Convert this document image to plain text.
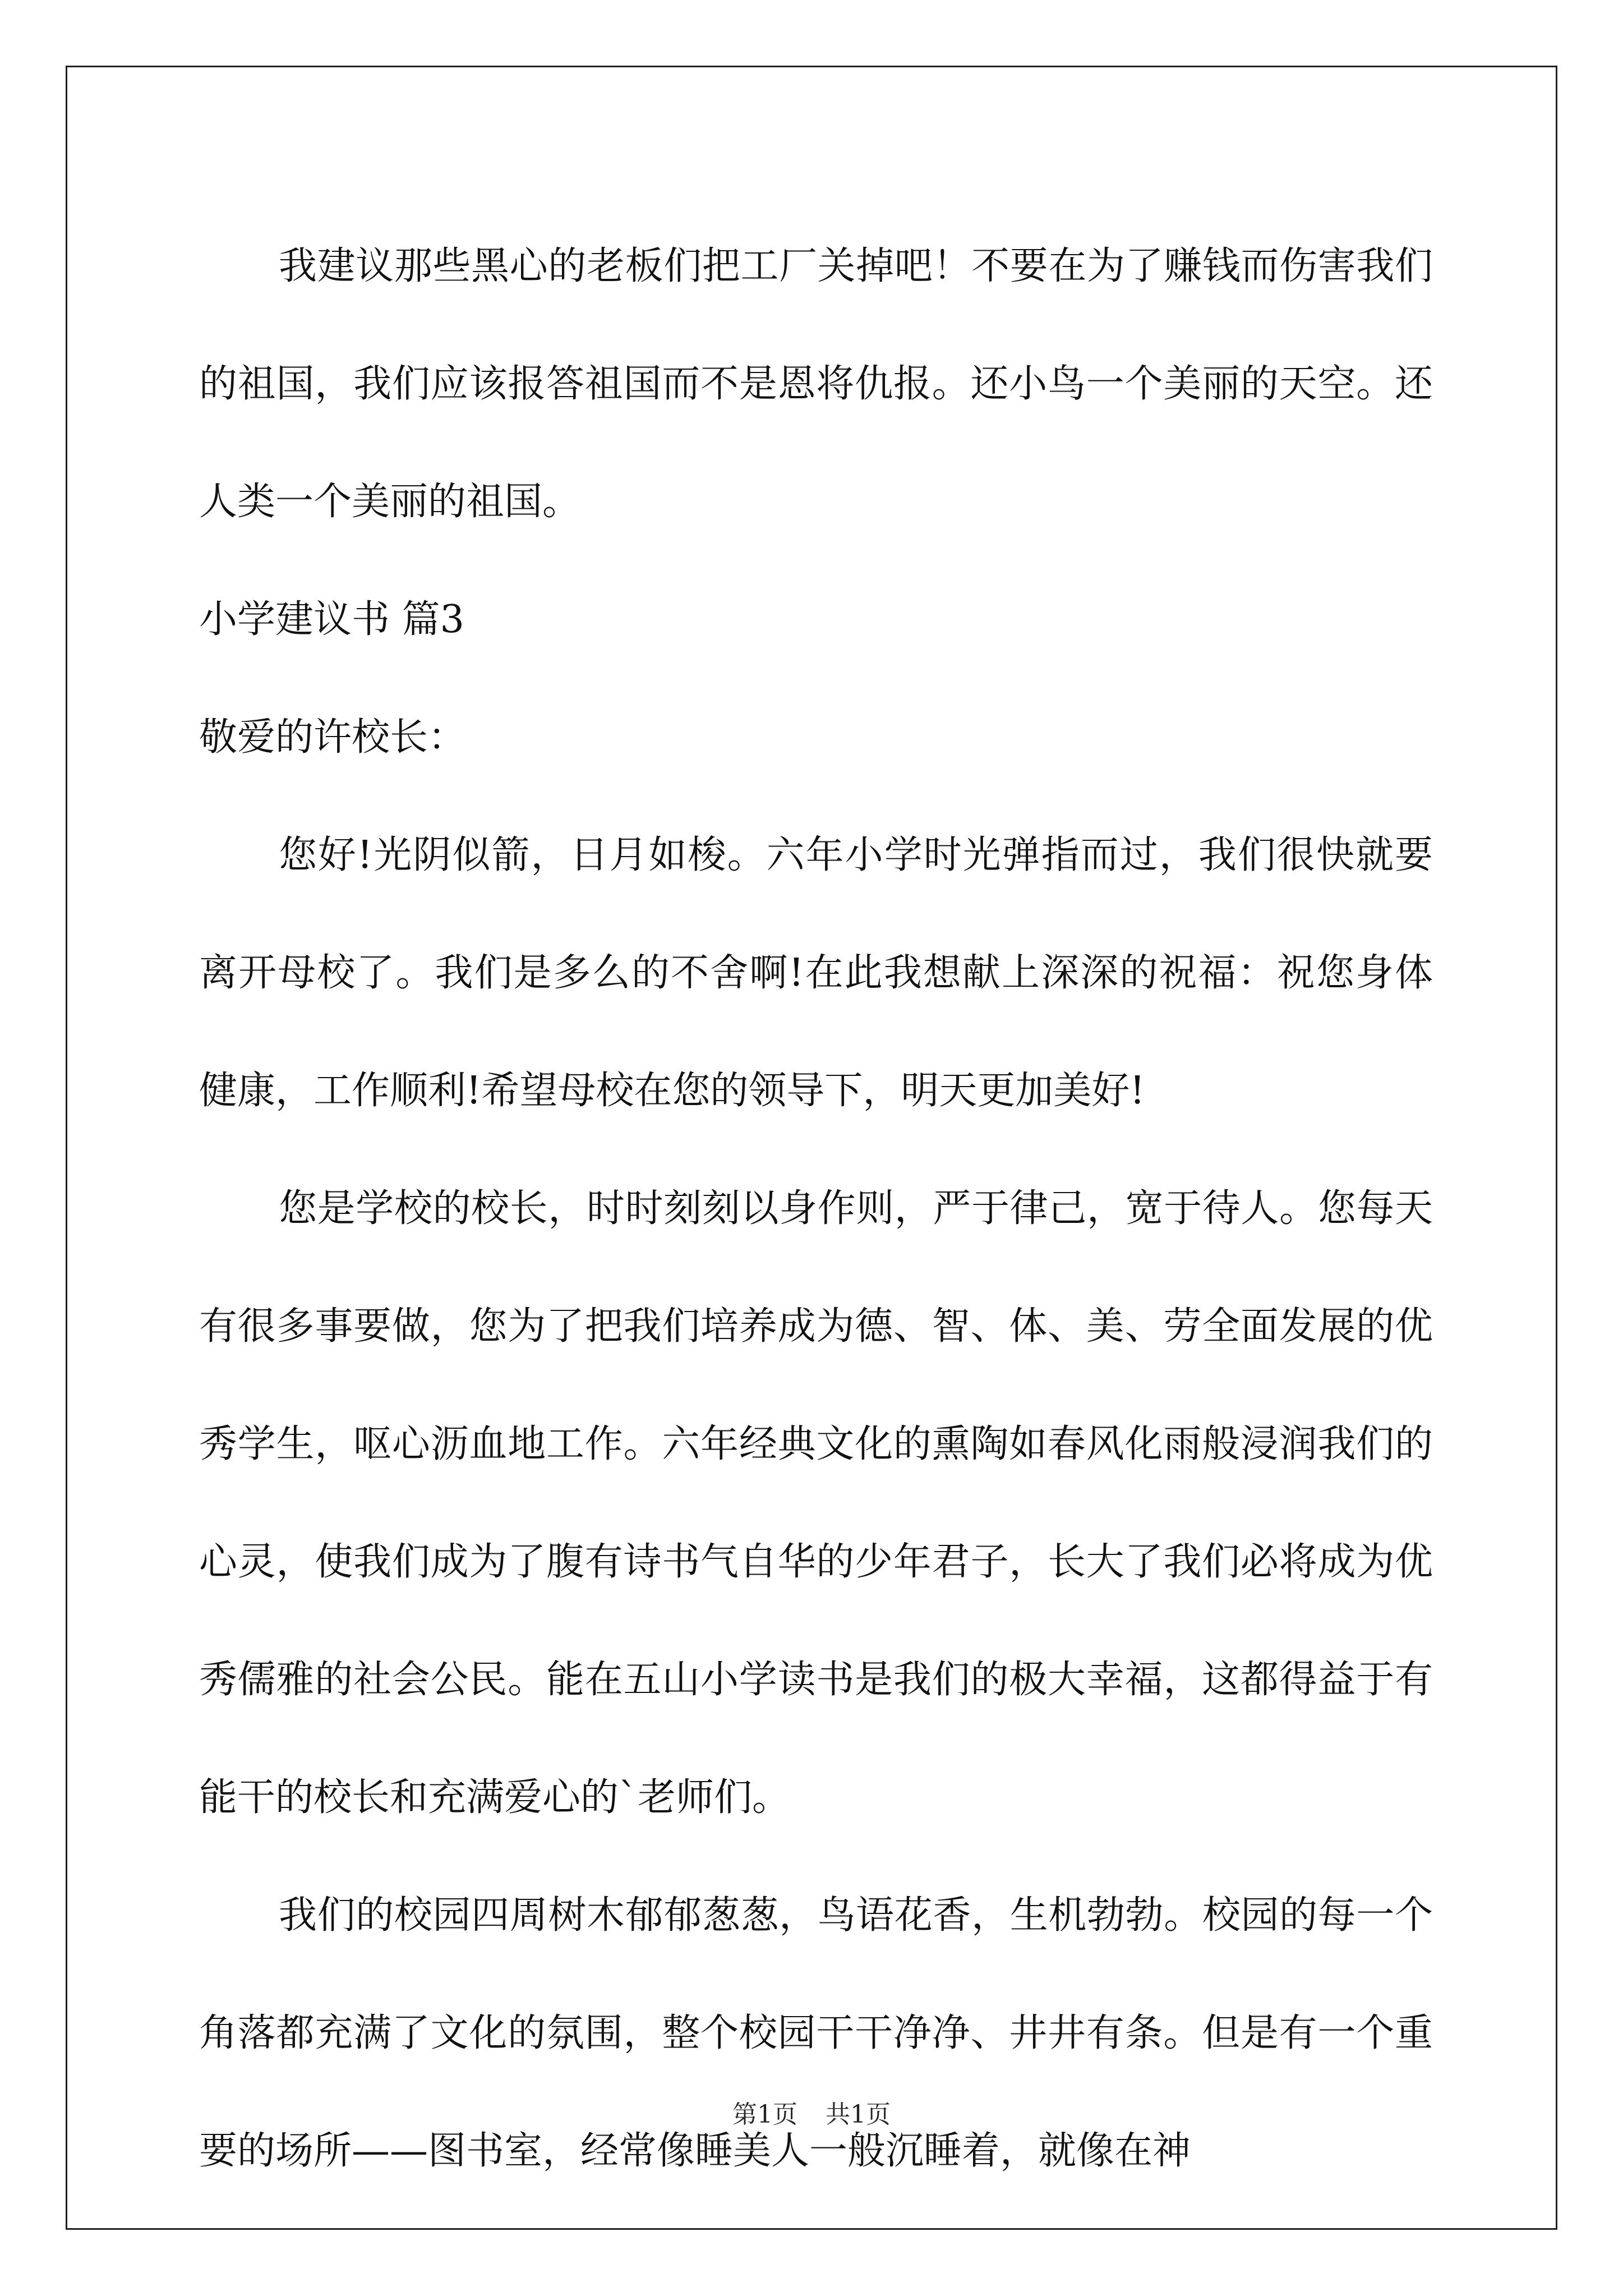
我建议那些黑心的老板们把工厂关掉吧！不要在为了赚钱而伤害我们的祖国，我们应该报答祖国而不是恩将仇报。还小鸟一个美丽的天空。还人类一个美丽的祖国。

小学建议书 篇3

敬爱的许校长：

您好!光阴似箭，日月如梭。六年小学时光弹指而过，我们很快就要离开母校了。我们是多么的不舍啊!在此我想献上深深的祝福：祝您身体健康，工作顺利!希望母校在您的领导下，明天更加美好!

您是学校的校长，时时刻刻以身作则，严于律己，宽于待人。您每天有很多事要做，您为了把我们培养成为德、智、体、美、劳全面发展的优秀学生，呕心沥血地工作。六年经典文化的熏陶如春风化雨般浸润我们的心灵，使我们成为了腹有诗书气自华的少年君子，长大了我们必将成为优秀儒雅的社会公民。能在五山小学读书是我们的极大幸福，这都得益于有能干的校长和充满爱心的`老师们。

我们的校园四周树木郁郁葱葱，鸟语花香，生机勃勃。校园的每一个角落都充满了文化的氛围，整个校园干干净净、井井有条。但是有一个重要的场所——图书室，经常像睡美人一般沉睡着，就像在神

第1页 共1页
